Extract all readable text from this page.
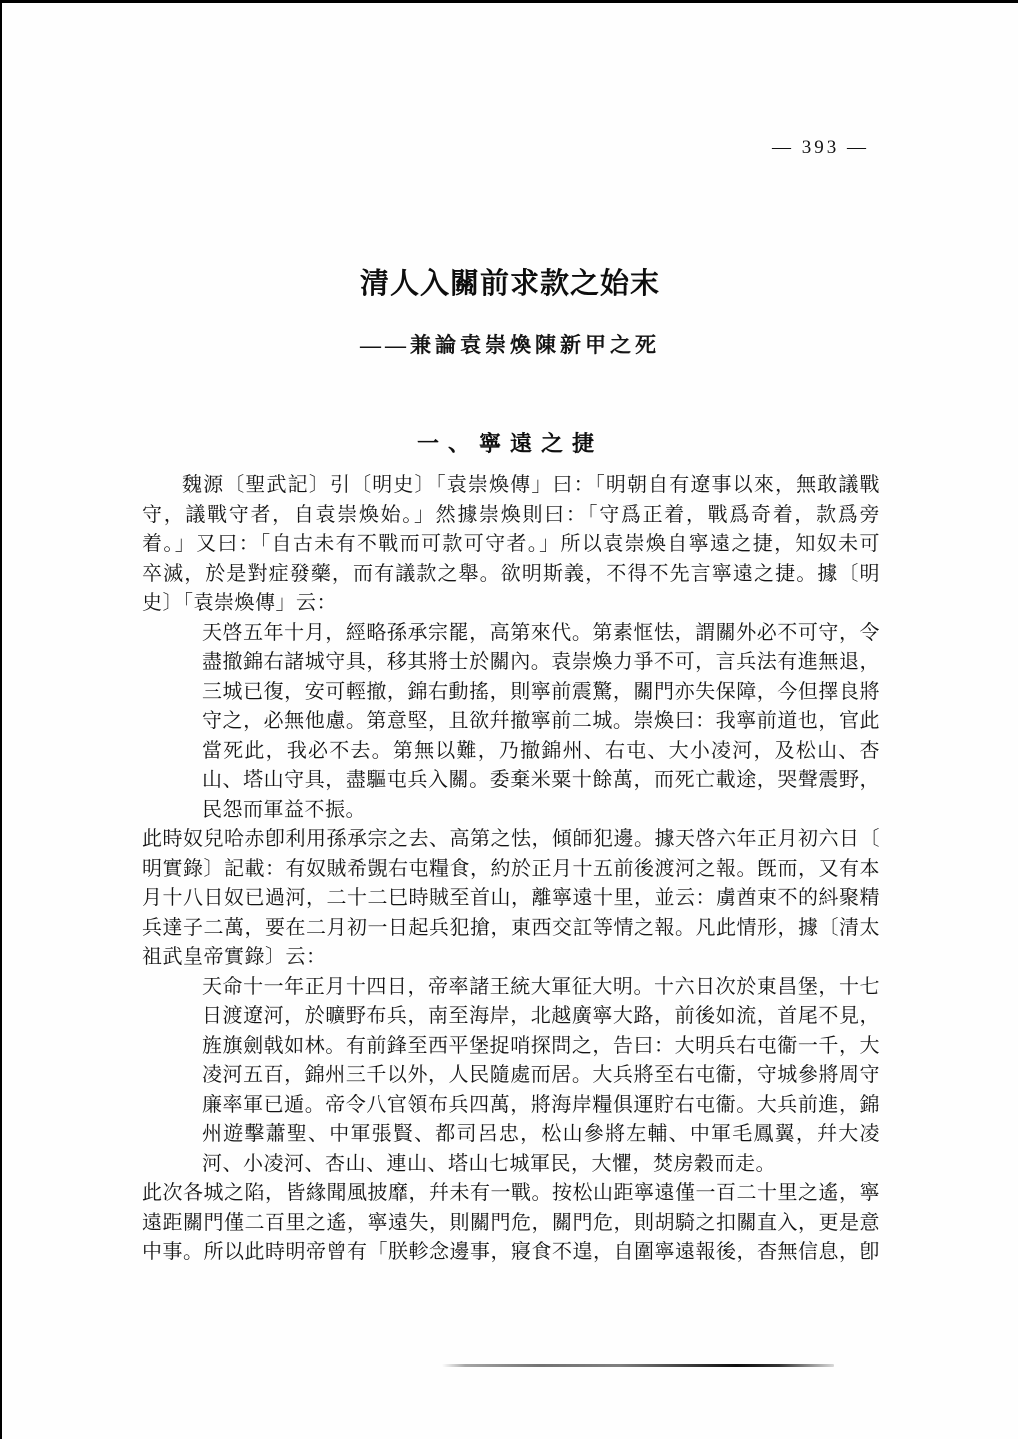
— 393 —
清人入關前求款之始末
——兼論袁崇煥陳新甲之死
一、寧遠之捷
魏源〔聖武記〕引〔明史〕「袁崇煥傳」曰：「明朝自有遼事以來，無敢議戰
守，議戰守者，自袁崇煥始。」然據崇煥則曰：「守爲正着，戰爲奇着，款爲旁
着。」又曰：「自古未有不戰而可款可守者。」所以袁崇煥自寧遠之捷，知奴未可
卒滅，於是對症發藥，而有議款之舉。欲明斯義，不得不先言寧遠之捷。據〔明
史〕「袁崇煥傳」云：
天啓五年十月，經略孫承宗罷，高第來代。第素恇怯，謂關外必不可守，令
盡撤錦右諸城守具，移其將士於關內。袁崇煥力爭不可，言兵法有進無退，
三城已復，安可輕撤，錦右動搖，則寧前震驚，關門亦失保障，今但擇良將
守之，必無他慮。第意堅，且欲幷撤寧前二城。崇煥曰：我寧前道也，官此
當死此，我必不去。第無以難，乃撤錦州、右屯、大小凌河，及松山、杏
山、塔山守具，盡驅屯兵入關。委棄米粟十餘萬，而死亡載途，哭聲震野，
民怨而軍益不振。
此時奴兒哈赤卽利用孫承宗之去、高第之怯，傾師犯邊。據天啓六年正月初六日〔
明實錄〕記載：有奴賊希覬右屯糧食，約於正月十五前後渡河之報。旣而，又有本
月十八日奴已過河，二十二巳時賊至首山，離寧遠十里，並云：虜酋束不的紏聚精
兵達子二萬，要在二月初一日起兵犯搶，東西交訌等情之報。凡此情形，據〔清太
祖武皇帝實錄〕云：
天命十一年正月十四日，帝率諸王統大軍征大明。十六日次於東昌堡，十七
日渡遼河，於曠野布兵，南至海岸，北越廣寧大路，前後如流，首尾不見，
旌旗劍戟如林。有前鋒至西平堡捉哨探問之，告曰：大明兵右屯衞一千，大
凌河五百，錦州三千以外，人民隨處而居。大兵將至右屯衞，守城參將周守
廉率軍已遁。帝令八官領布兵四萬，將海岸糧俱運貯右屯衞。大兵前進，錦
州遊擊蕭聖、中軍張賢、都司呂忠，松山參將左輔、中軍毛鳳翼，幷大凌
河、小凌河、杏山、連山、塔山七城軍民，大懼，焚房穀而走。
此次各城之陷，皆緣聞風披靡，幷未有一戰。按松山距寧遠僅一百二十里之遙，寧
遠距關門僅二百里之遙，寧遠失，則關門危，關門危，則胡騎之扣關直入，更是意
中事。所以此時明帝曾有「朕軫念邊事，寢食不遑，自圍寧遠報後，杳無信息，卽
